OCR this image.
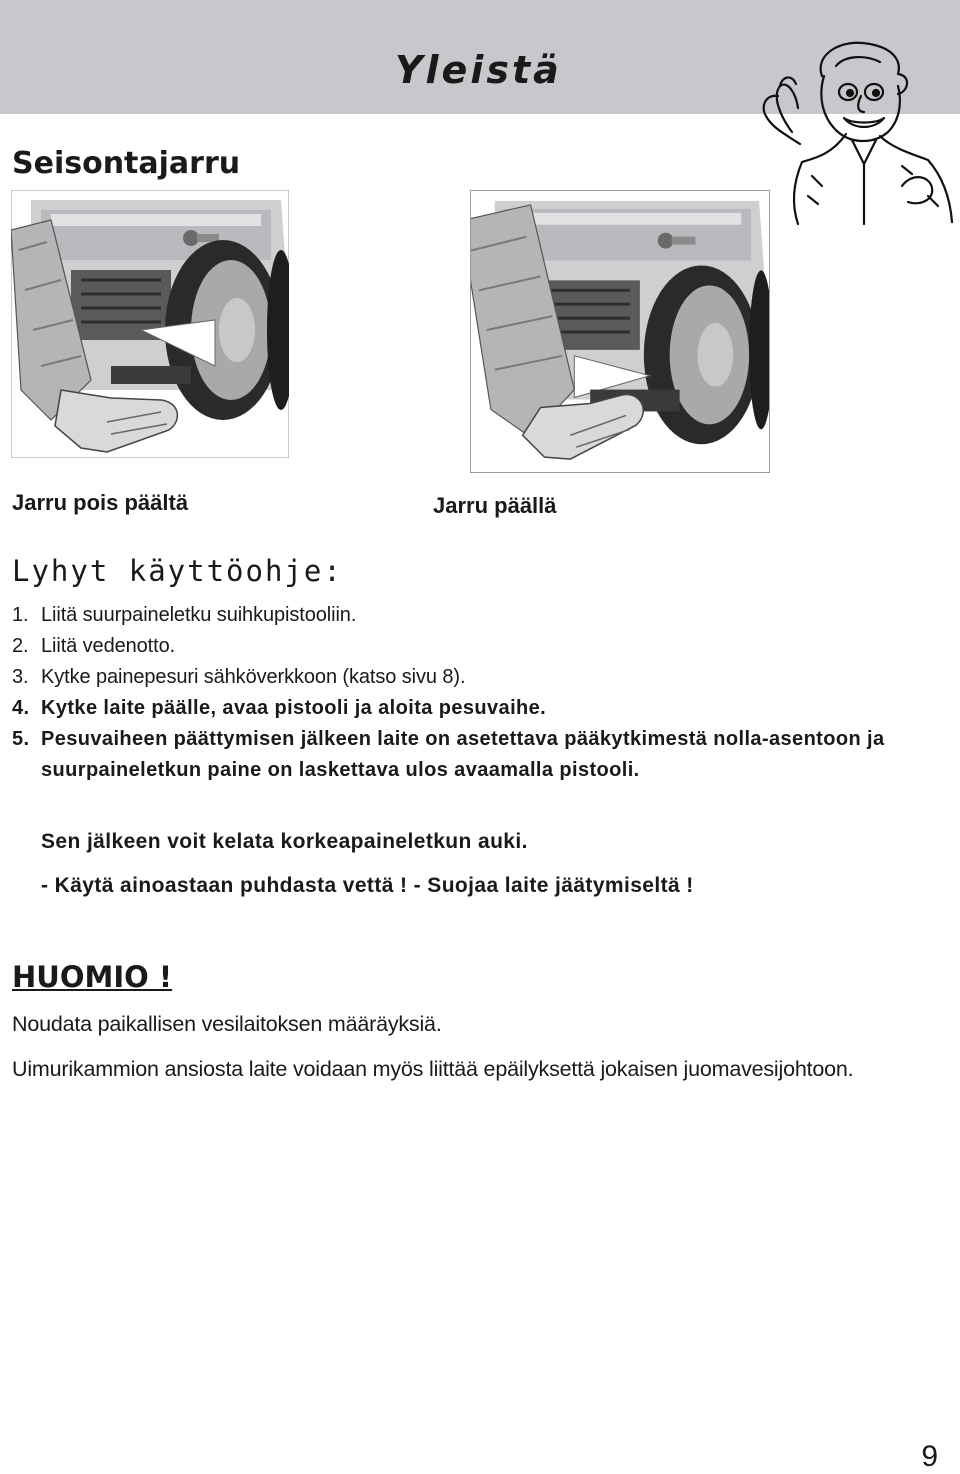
Yleistä
Seisontajarru
Jarru pois päältä	Jarru päällä
Lyhyt käyttöohje:
1. Liitä suurpaineletku suihkupistooliin.
2. Liitä vedenotto.
3. Kytke painepesuri sähköverkkoon (katso sivu 8).
4. Kytke laite päälle, avaa pistooli ja aloita pesuvaihe.
5. Pesuvaiheen päättymisen jälkeen laite on asetettava pääkytkimestä nolla-asentoon ja suurpaineletkun paine on laskettava ulos avaamalla pistooli.
Sen jälkeen voit kelata korkeapaineletkun auki.
- Käytä ainoastaan puhdasta vettä ! - Suojaa laite jäätymiseltä !
HUOMIO !
Noudata paikallisen vesilaitoksen määräyksiä.
Uimurikammion ansiosta laite voidaan myös liittää epäilyksettä jokaisen juomavesijohtoon.
9
